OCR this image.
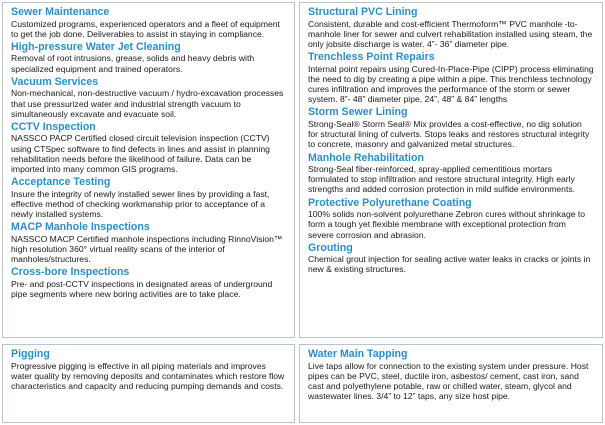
Sewer Maintenance

Customized programs, experienced operators and a fleet of equipment to get the job done. Deliverables to assist in staying in compliance.

High-pressure Water Jet Cleaning

Removal of root intrusions, grease, solids and heavy debris with specialized equipment and trained operators.

Vacuum Services

Non-mechanical, non-destructive vacuum / hydro-excavation processes that use pressurized water and industrial strength vacuum to simultaneously excavate and evacuate soil.

CCTV Inspection

NASSCO PACP Certified closed circuit television inspection (CCTV) using CTSpec software to find defects in lines and assist in planning rehabilitation needs before the likelihood of failure. Data can be imported into many common GIS programs.

Acceptance Testing

Insure the integrity of newly installed sewer lines by providing a fast, effective method of checking workmanship prior to acceptance of a newly installed systems.

MACP Manhole Inspections

NASSCO MACP Certified manhole inspections including RinnoVision™ high resolution 360° virtual reality scans of the interior of manholes/structures.

Cross-bore Inspections

Pre- and post-CCTV inspections in designated areas of underground pipe segments where new boring activities are to take place.

Structural PVC Lining

Consistent, durable and cost-efficient Thermoform™ PVC manhole -to-manhole liner for sewer and culvert rehabilitation installed using steam, the only jobsite discharge is water. 4”- 36” diameter pipe.

Trenchless Point Repairs

Internal point repairs using Cured-In-Place-Pipe (CIPP) process eliminating the need to dig by creating a pipe within a pipe. This trenchless technology cures infiltration and improves the performance of the storm or sewer system. 8”- 48” diameter pipe, 24”, 48” & 84” lengths

Storm Sewer Lining

Strong-Seal® Storm Seal® Mix provides a cost-effective, no dig solution for structural lining of culverts. Stops leaks and restores structural integrity to concrete, masonry and galvanized metal structures.

Manhole Rehabilitation

Strong-Seal fiber-reinforced, spray-applied cementitious mortars formulated to stop infiltration and restore structural integrity. High early strengths and added corrosion protection in mild sulfide environments.

Protective Polyurethane Coating

100% solids non-solvent polyurethane Zebron cures without shrinkage to form a tough yet flexible membrane with exceptional protection from severe corrosion and abrasion.

Grouting

Chemical grout injection for sealing active water leaks in cracks or joints in new & existing structures.

Pigging

Progressive pigging is effective in all piping materials and improves water quality by removing deposits and contaminates which restore flow characteristics and capacity and reducing pumping demands and costs.

Water Main Tapping

Live taps allow for connection to the existing system under pressure. Host pipes can be PVC, steel, ductile iron, asbestos/ cement, cast iron, sand cast and polyethylene potable, raw or chilled water, steam, glycol and wastewater lines. 3/4” to 12” taps, any size host pipe.
